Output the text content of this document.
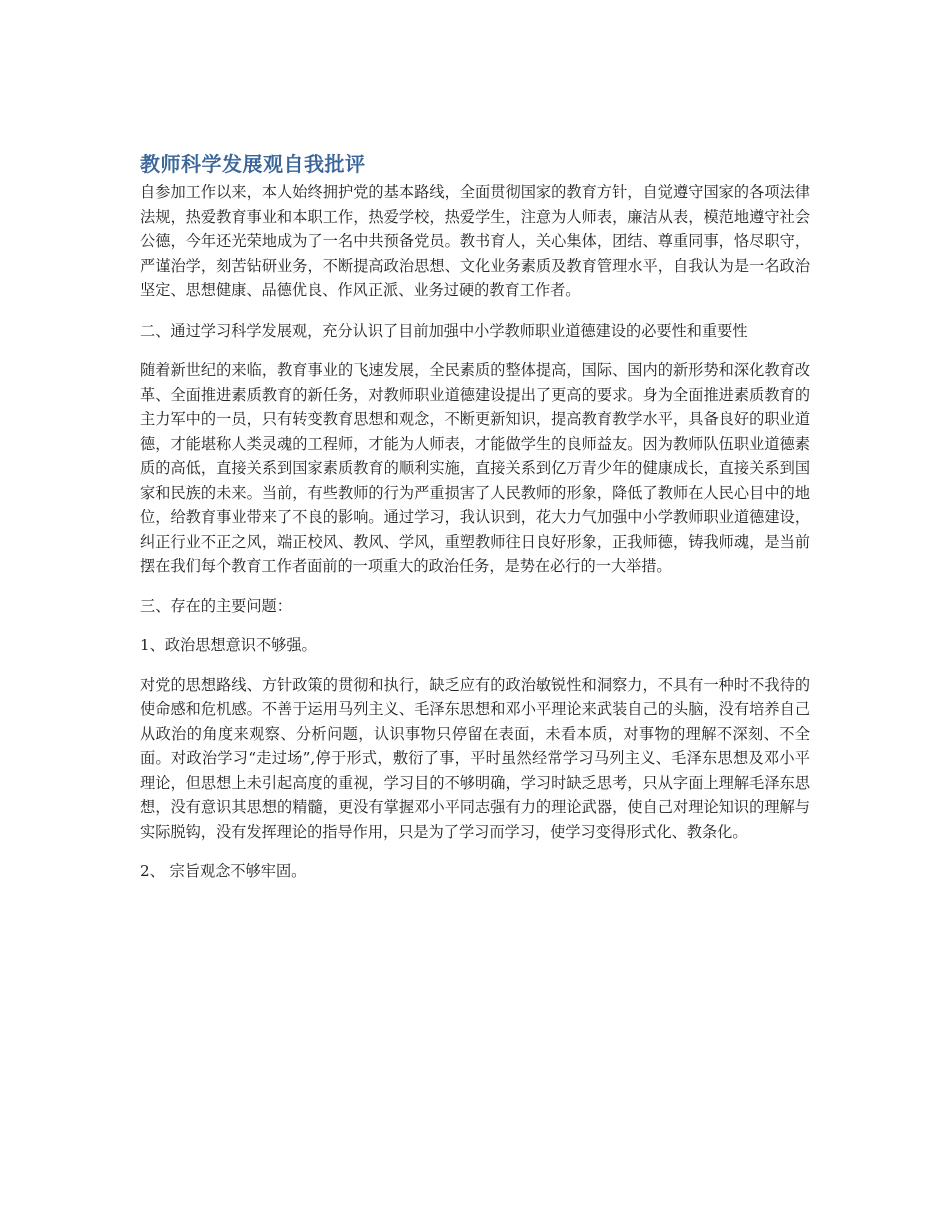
教师科学发展观自我批评

自参加工作以来，本人始终拥护党的基本路线，全面贯彻国家的教育方针，自觉遵守国家的各项法律法规，热爱教育事业和本职工作，热爱学校，热爱学生，注意为人师表，廉洁从表，模范地遵守社会公德，今年还光荣地成为了一名中共预备党员。教书育人，关心集体，团结、尊重同事，恪尽职守，严谨治学，刻苦钻研业务，不断提高政治思想、文化业务素质及教育管理水平，自我认为是一名政治坚定、思想健康、品德优良、作风正派、业务过硬的教育工作者。

二、通过学习科学发展观，充分认识了目前加强中小学教师职业道德建设的必要性和重要性

随着新世纪的来临，教育事业的飞速发展，全民素质的整体提高，国际、国内的新形势和深化教育改革、全面推进素质教育的新任务，对教师职业道德建设提出了更高的要求。身为全面推进素质教育的主力军中的一员，只有转变教育思想和观念，不断更新知识，提高教育教学水平，具备良好的职业道德，才能堪称人类灵魂的工程师，才能为人师表，才能做学生的良师益友。因为教师队伍职业道德素质的高低，直接关系到国家素质教育的顺利实施，直接关系到亿万青少年的健康成长，直接关系到国家和民族的未来。当前，有些教师的行为严重损害了人民教师的形象，降低了教师在人民心目中的地位，给教育事业带来了不良的影响。通过学习，我认识到，花大力气加强中小学教师职业道德建设，纠正行业不正之风，端正校风、教风、学风，重塑教师往日良好形象，正我师德，铸我师魂，是当前摆在我们每个教育工作者面前的一项重大的政治任务，是势在必行的一大举措。

三、存在的主要问题：

1、政治思想意识不够强。

对党的思想路线、方针政策的贯彻和执行，缺乏应有的政治敏锐性和洞察力，不具有一种时不我待的使命感和危机感。不善于运用马列主义、毛泽东思想和邓小平理论来武装自己的头脑，没有培养自己从政治的角度来观察、分析问题，认识事物只停留在表面，未看本质，对事物的理解不深刻、不全面。对政治学习“走过场”,停于形式，敷衍了事，平时虽然经常学习马列主义、毛泽东思想及邓小平理论，但思想上未引起高度的重视，学习目的不够明确，学习时缺乏思考，只从字面上理解毛泽东思想，没有意识其思想的精髓，更没有掌握邓小平同志强有力的理论武器，使自己对理论知识的理解与实际脱钩，没有发挥理论的指导作用，只是为了学习而学习，使学习变得形式化、教条化。

2、 宗旨观念不够牢固。
